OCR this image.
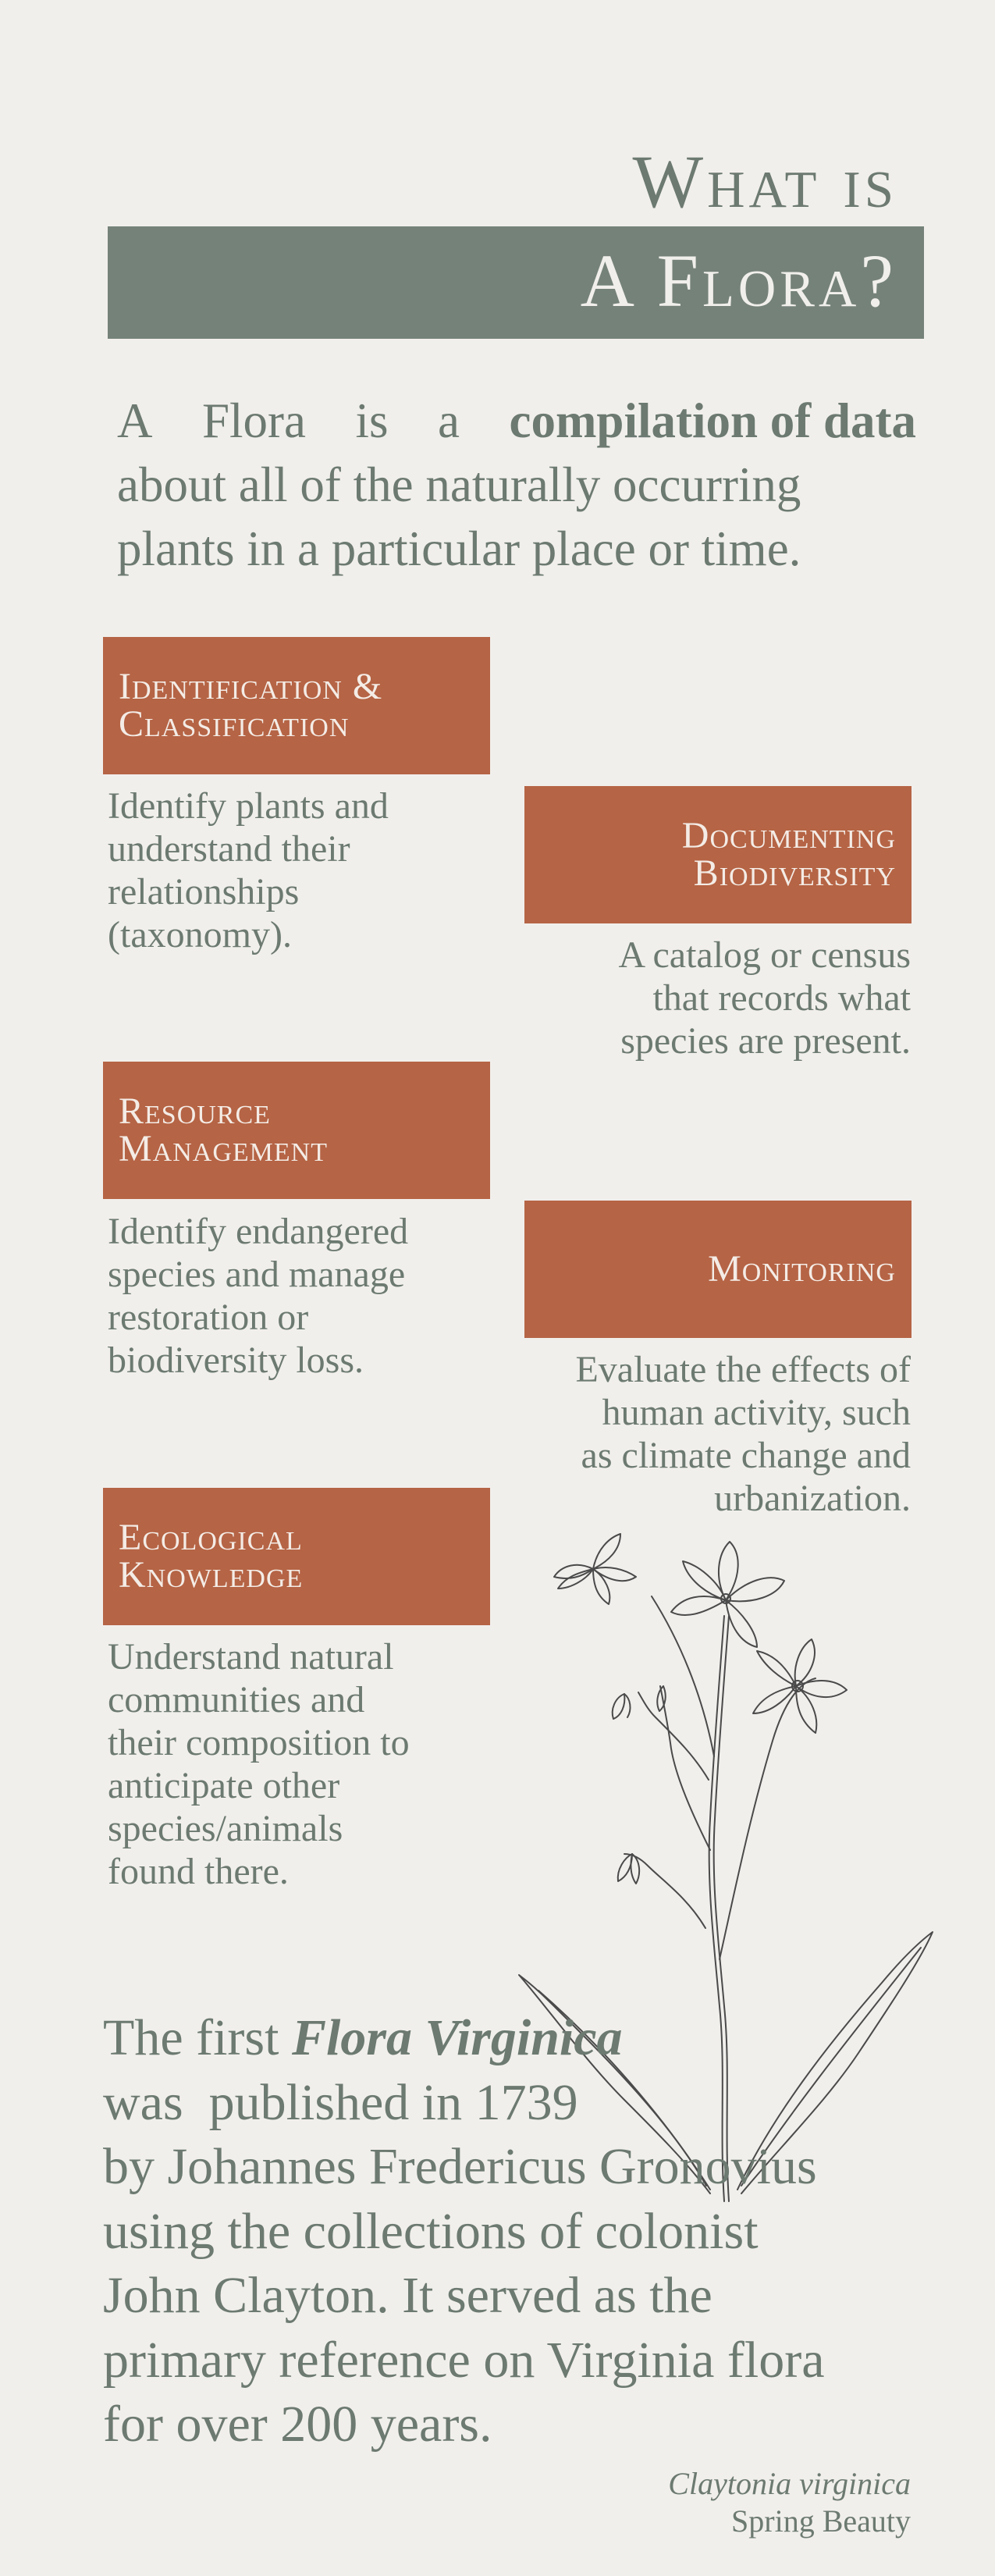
What is
A Flora?
A Flora is a compilation of data
about all of the naturally occurring
plants in a particular place or time.
Identification &
Classification
Identify plants and
understand their
relationships
(taxonomy).
Documenting
Biodiversity
A catalog or census
that records what
species are present.
Resource
Management
Identify endangered
species and manage
restoration or
biodiversity loss.
Monitoring
Evaluate the effects of
human activity, such
as climate change and
urbanization.
Ecological
Knowledge
Understand natural
communities and
their composition to
anticipate other
species/animals
found there.
The first Flora Virginica
was  published in 1739
by Johannes Fredericus Gronovius
using the collections of colonist
John Clayton. It served as the
primary reference on Virginia flora
for over 200 years.
Claytonia virginica
Spring Beauty
